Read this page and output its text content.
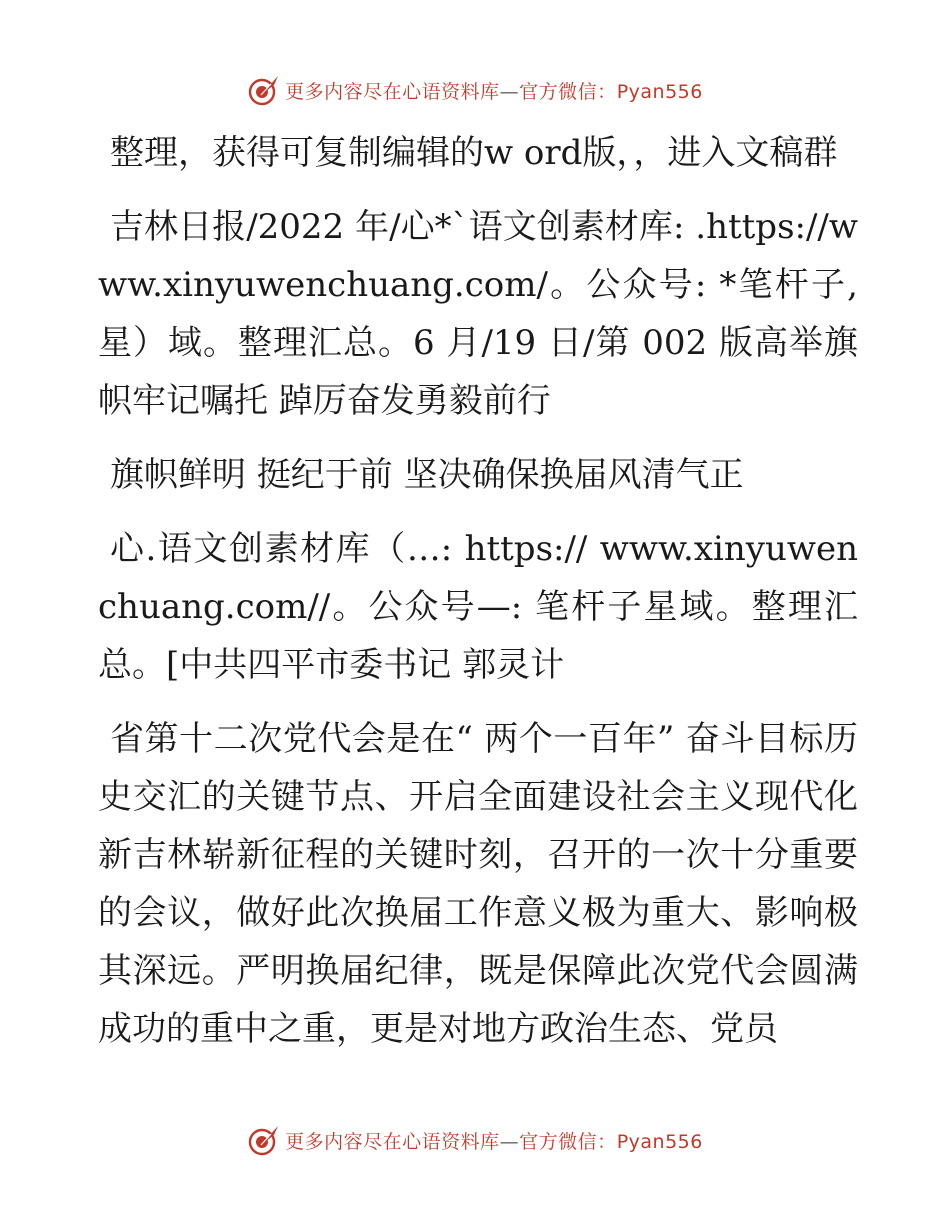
更多内容尽在心语资料库—官方微信：Pyan556

整理，获得可复制编辑的w ord版，，进入文稿群

吉林日报/2022 年/心*`语文创素材库: .https://www.xinyuwenchuang.com/。公众号: *笔杆子,星）域。整理汇总。6 月/19 日/第 002 版高举旗帜牢记嘱托 踔厉奋发勇毅前行

旗帜鲜明 挺纪于前 坚决确保换届风清气正

心.语文创素材库（…: https:// www.xinyuwenchuang.com//。公众号—: 笔杆子星域。整理汇总。[中共四平市委书记 郭灵计

省第十二次党代会是在“ 两个一百年” 奋斗目标历史交汇的关键节点、开启全面建设社会主义现代化新吉林崭新征程的关键时刻，召开的一次十分重要的会议，做好此次换届工作意义极为重大、影响极其深远。严明换届纪律，既是保障此次党代会圆满成功的重中之重，更是对地方政治生态、党员

更多内容尽在心语资料库—官方微信：Pyan556
